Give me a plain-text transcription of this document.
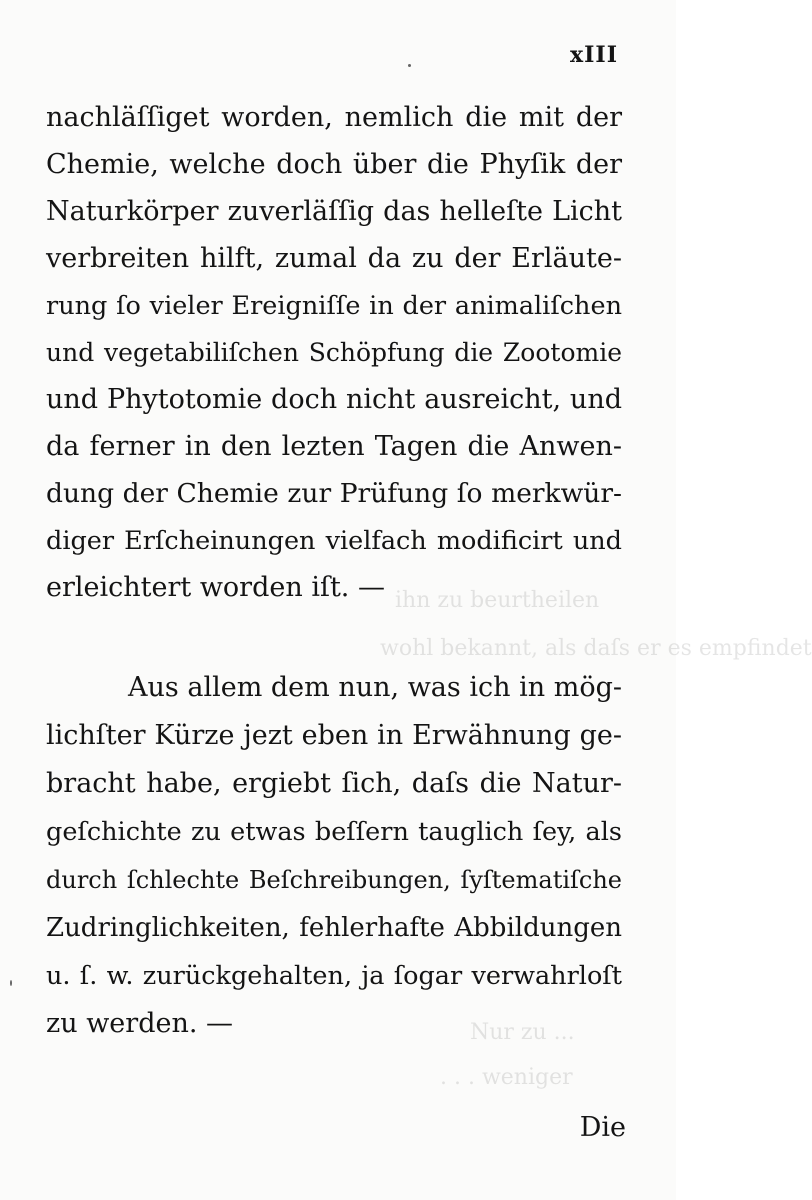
ihn zu beurtheilen
wohl bekannt, als daſs er es empfindet
Nur zu ...
. . . weniger
xIII
nachläſſiget worden, nemlich die mit der
Chemie, welche doch über die Phyſik der
Naturkörper zuverläſſig das helleſte Licht
verbreiten hilft, zumal da zu der Erläute-
rung ſo vieler Ereigniſſe in der animaliſchen
und vegetabiliſchen Schöpfung die Zootomie
und Phytotomie doch nicht ausreicht, und
da ferner in den lezten Tagen die Anwen-
dung der Chemie zur Prüfung ſo merkwür-
diger Erſcheinungen vielfach modificirt und
erleichtert worden iſt. —
Aus allem dem nun, was ich in mög-
lichſter Kürze jezt eben in Erwähnung ge-
bracht habe, ergiebt ſich, daſs die Natur-
geſchichte zu etwas beſſern tauglich ſey, als
durch ſchlechte Beſchreibungen, ſyſtematiſche
Zudringlichkeiten, fehlerhafte Abbildungen
u. ſ. w. zurückgehalten, ja ſogar verwahrloſt
zu werden. —
Die
